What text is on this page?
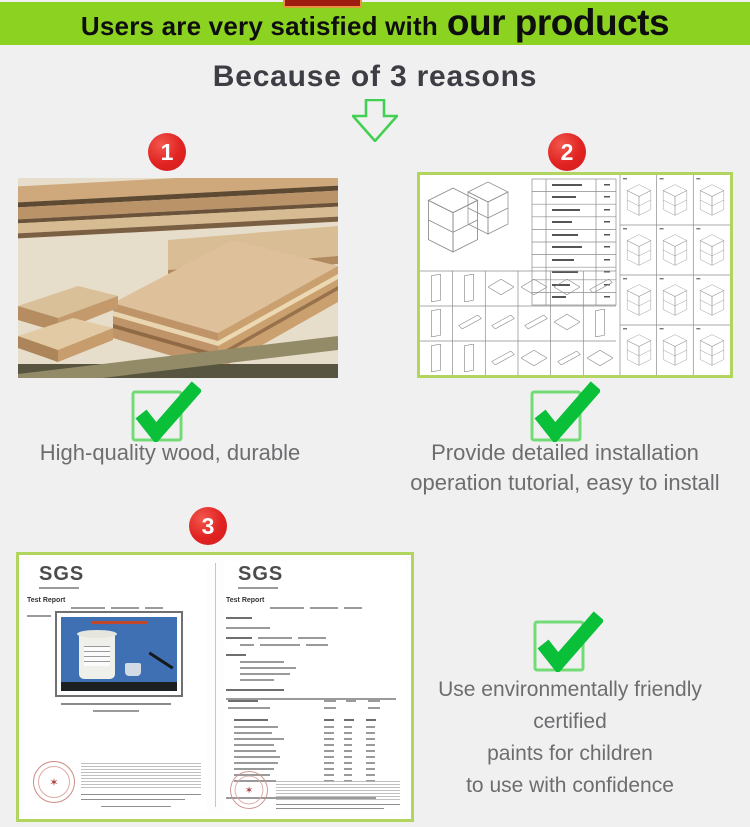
Users are very satisfied with our products
Because of 3 reasons
1	2
3
High-quality wood, durable	Provide detailed installation
operation tutorial, easy to install
Use environmentally friendly
certified
paints for children
to use with confidence
SGS
Test Report
✶
SGS
Test Report
✶
